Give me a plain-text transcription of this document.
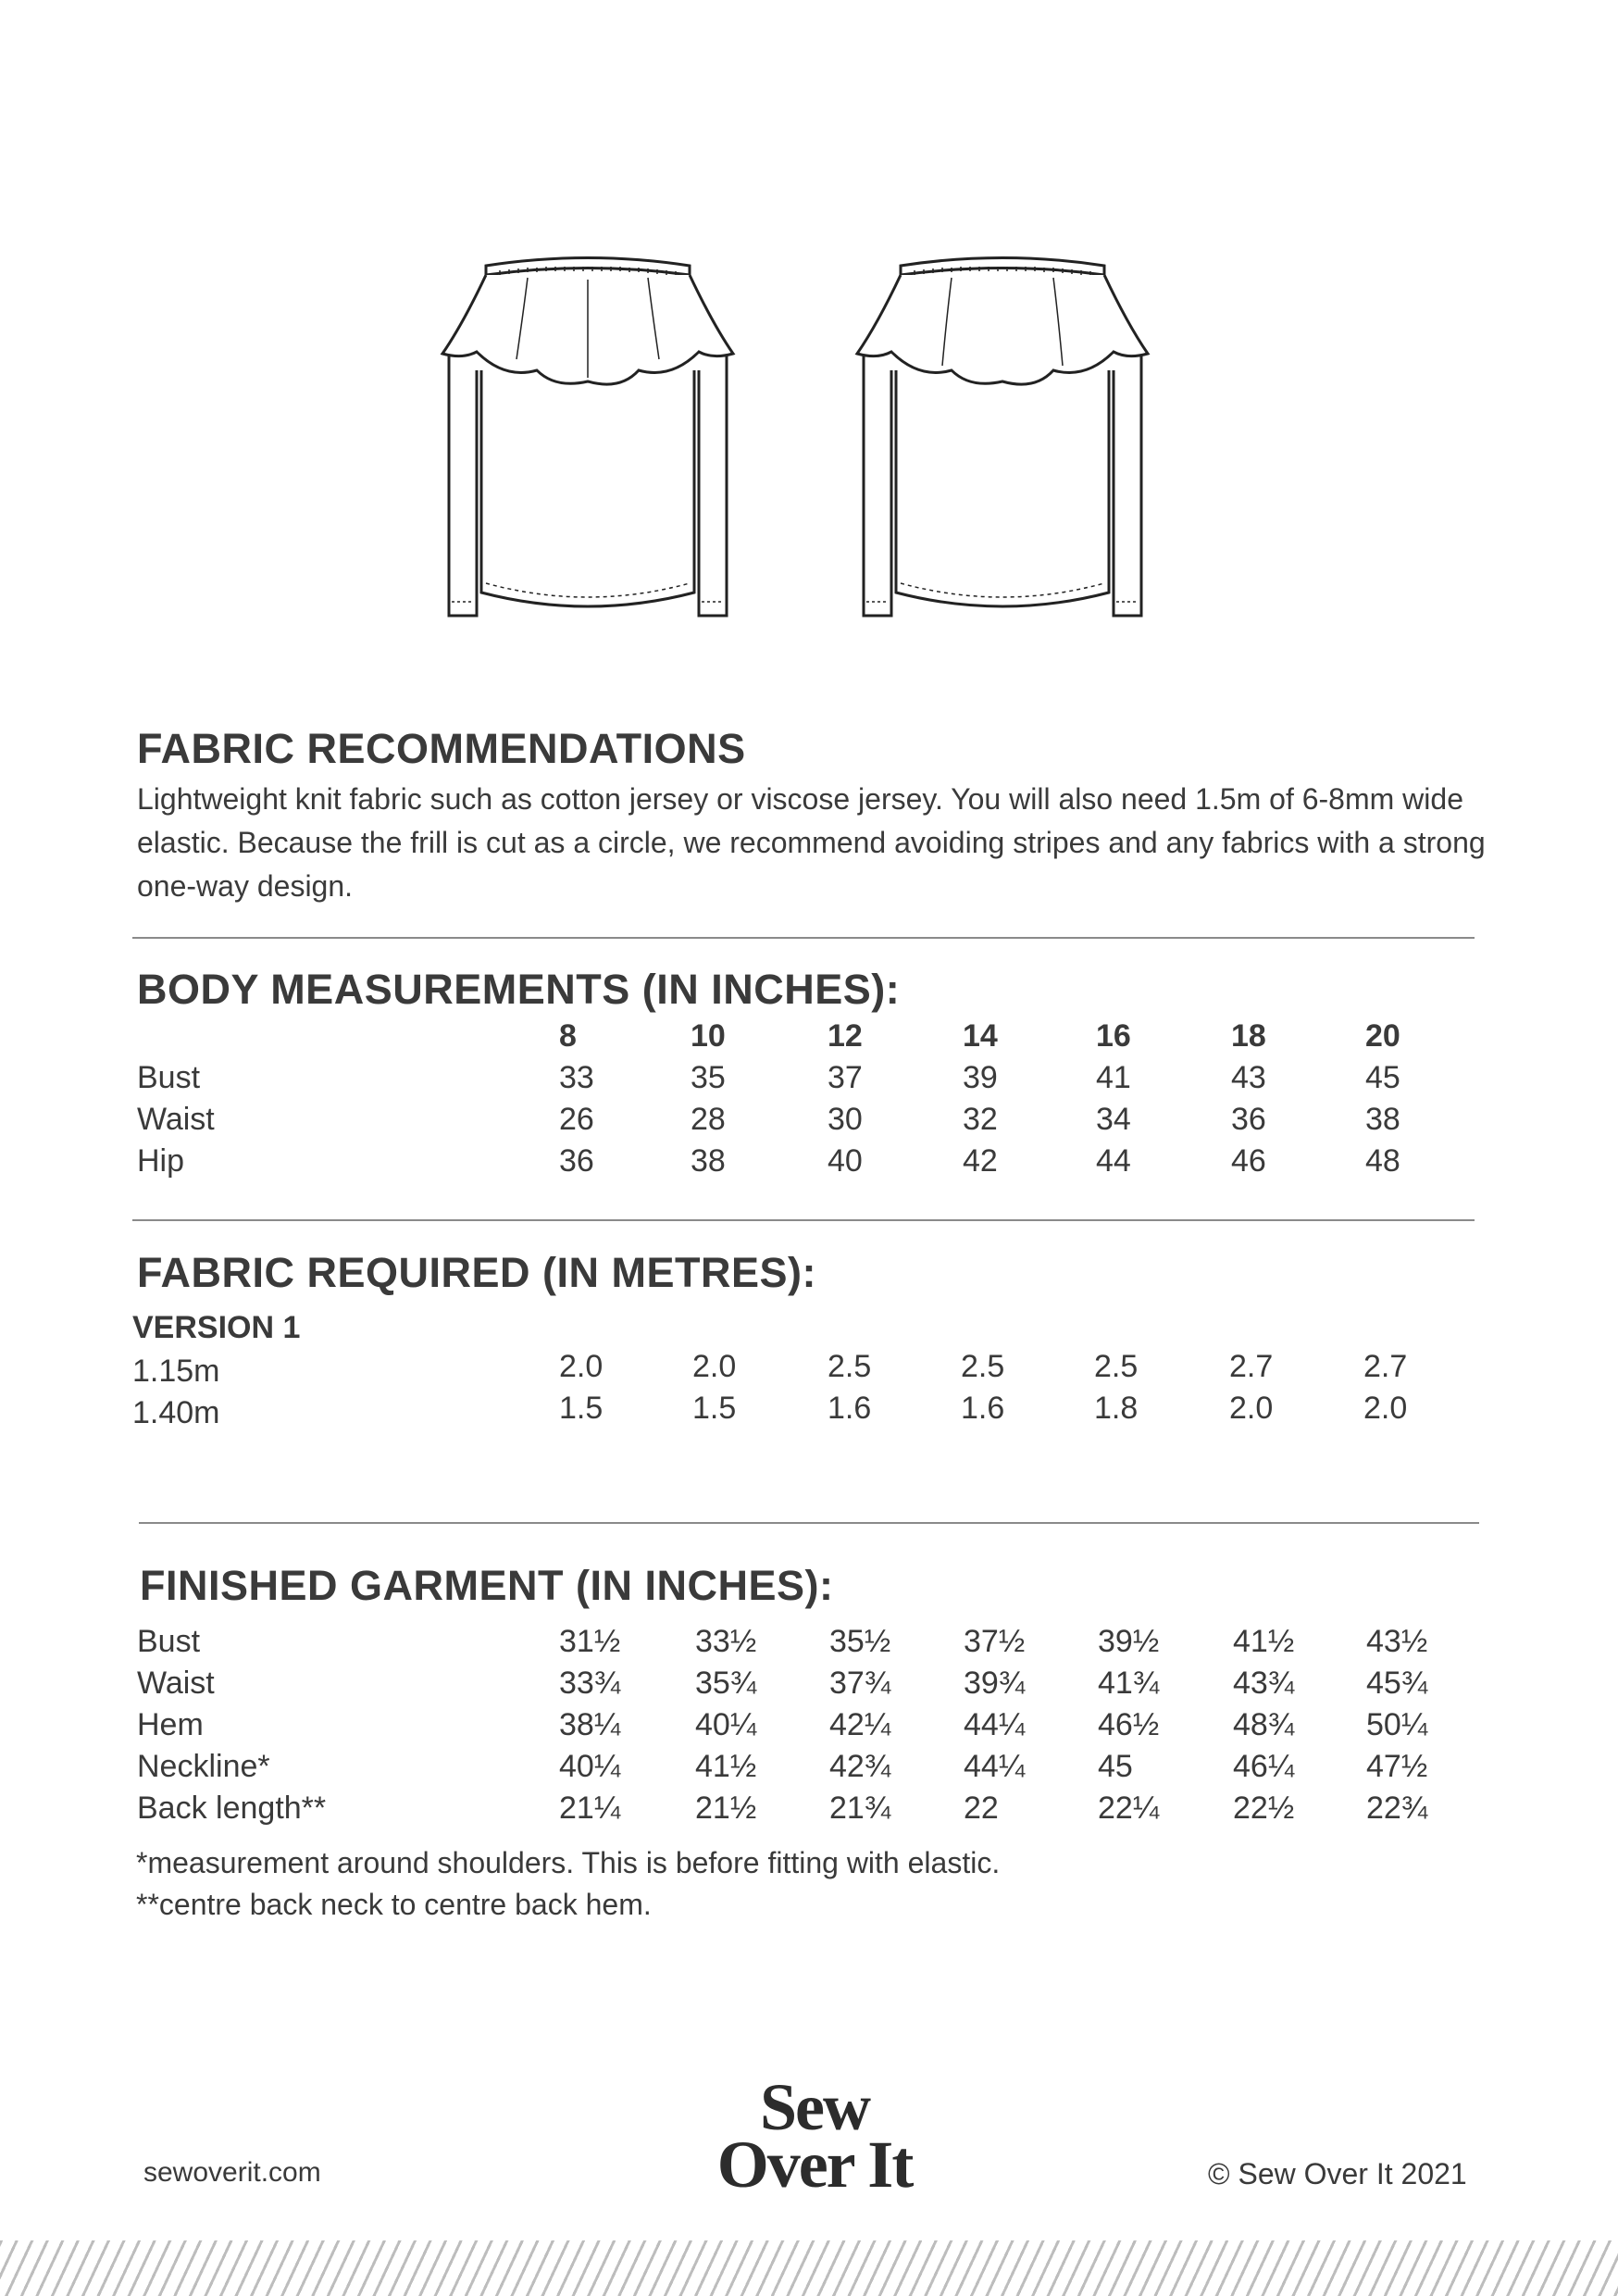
FABRIC RECOMMENDATIONS

Lightweight knit fabric such as cotton jersey or viscose jersey. You will also need 1.5m of 6-8mm wide elastic. Because the frill is cut as a circle, we recommend avoiding stripes and any fabrics with a strong one-way design.

BODY MEASUREMENTS (IN INCHES):
8	10	12	14	16	18	20
Bust	33	35	37	39	41	43	45
Waist	26	28	30	32	34	36	38
Hip	36	38	40	42	44	46	48
FABRIC REQUIRED (IN METRES):
VERSION 1
1.15m	2.0	2.0	2.5	2.5	2.5	2.7	2.7
1.40m	1.5	1.5	1.6	1.6	1.8	2.0	2.0
FINISHED GARMENT (IN INCHES):
Bust	31½ 33½ 35½ 37½ 39½ 41½ 43½
Waist	33¾ 35¾ 37¾ 39¾ 41¾ 43¾ 45¾
Hem	38¼ 40¼ 42¼ 44¼ 46½ 48¾ 50¼
Neckline*	40¼ 41½ 42¾ 44¼ 45	46¼ 47½
Back length**	21¼ 21½ 21¾ 22	22¼ 22½ 22¾
*measurement around shoulders. This is before fitting with elastic.
**centre back neck to centre back hem.
sewoverit.com
Sew
Over It	© Sew Over It 2021
